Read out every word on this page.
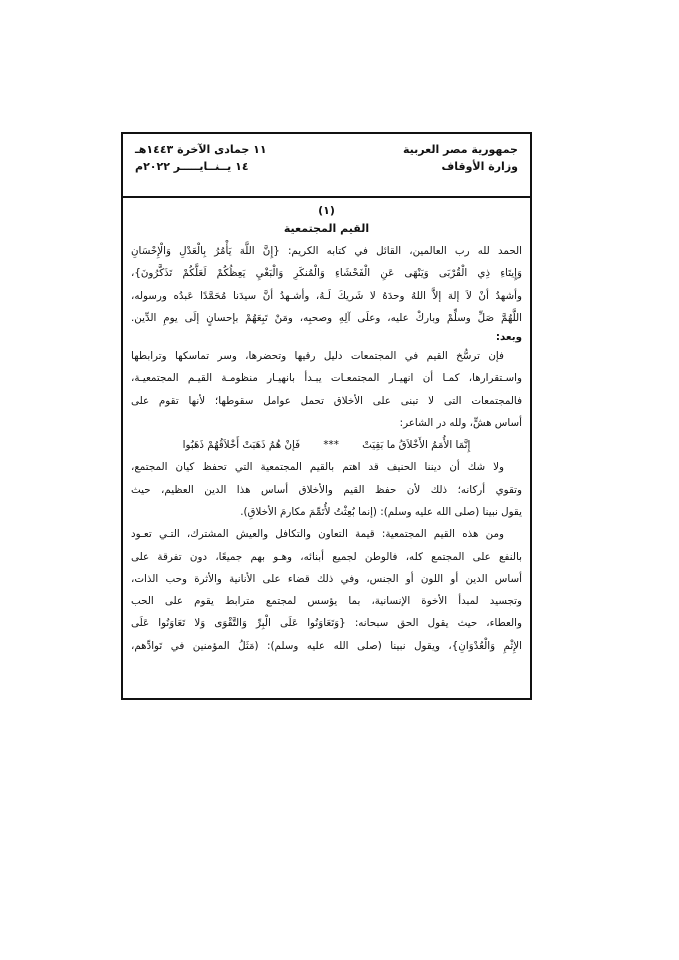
جمهورية مصر العربية
وزارة الأوقاف
١١ جمادى الآخرة ١٤٤٣هـ
١٤ يــنــايـــــر ٢٠٢٢م
(١)
القيم المجتمعية
الحمد لله رب العالمين، القائل في كتابه الكريم: {إِنَّ اللَّهَ يَأْمُرُ بِالْعَدْلِ وَالْإِحْسَانِ
وَإِيتَاءِ ذِي الْقُرْبَى وَيَنْهَى عَنِ الْفَحْشَاءِ وَالْمُنكَرِ وَالْبَغْيِ يَعِظُكُمْ لَعَلَّكُمْ تَذَكَّرُونَ}،
وأشهدُ أنْ لاَ إلهَ إلاَّ اللهُ وحدَهُ لا شَريكَ لَـهُ، وأشـهدُ أنَّ سيدَنا مُحَمَّدًا عَبدُه ورسوله،
اللَّهُمَّ صَلِّ وسلِّمْ وباركْ عليه، وعلَى آلِهِ وصحبِه، ومَنْ تَبِعَهُمْ بإحسانٍ إلَى يومِ الدِّين.
وبعد:
فإن ترسُّخ القيم في المجتمعات دليل رقيها وتحضرها، وسر تماسكها وترابطها
واسـتقرارها، كمـا أن انهيـار المجتمعـات يبـدأ بانهيـار منظومـة القيـم المجتمعيـة،
فالمجتمعات التى لا تبنى على الأخلاق تحمل عوامل سقوطها؛ لأنها تقوم على
أساس هشٍّ، ولله در الشاعر:
إِنَّمَا الأُمَمُ الأَخْلاَقُ ما بَقِيَتْ *** فَإنْ هُمُ ذَهَبَتْ أَخْلاَقُهُمْ ذَهَبُوا
ولا شك أن ديننا الحنيف قد اهتم بالقيم المجتمعية التي تحفظ كيان المجتمع،
وتقوي أركانه؛ ذلك لأن حفظ القيم والأخلاق أساس هذا الدين العظيم، حيث
يقول نبينا (صلى الله عليه وسلم): (إنما بُعِثْتُ لأُتَمِّمَ مكارمَ الأخلاقِ).
ومن هذه القيم المجتمعية: قيمة التعاون والتكافل والعيش المشترك، التـي تعـود
بالنفع على المجتمع كله، فالوطن لجميع أبنائه، وهـو بهم جميعًا، دون تفرقة على
أساس الدين أو اللون أو الجنس، وفي ذلك قضاء على الأنانية والأثرة وحب الذات،
وتجسيد لمبدأ الأخوة الإنسانية، بما يؤسس لمجتمع مترابط يقوم على الحب
والعطاء، حيث يقول الحق سبحانه: {وَتَعَاوَنُوا عَلَى الْبِرِّ وَالتَّقْوَى وَلا تَعَاوَنُوا عَلَى
الإِثْمِ وَالْعُدْوَانِ}، ويقول نبينا (صلى الله عليه وسلم): (مَثَلُ المؤمنين في تَوادِّهم،
